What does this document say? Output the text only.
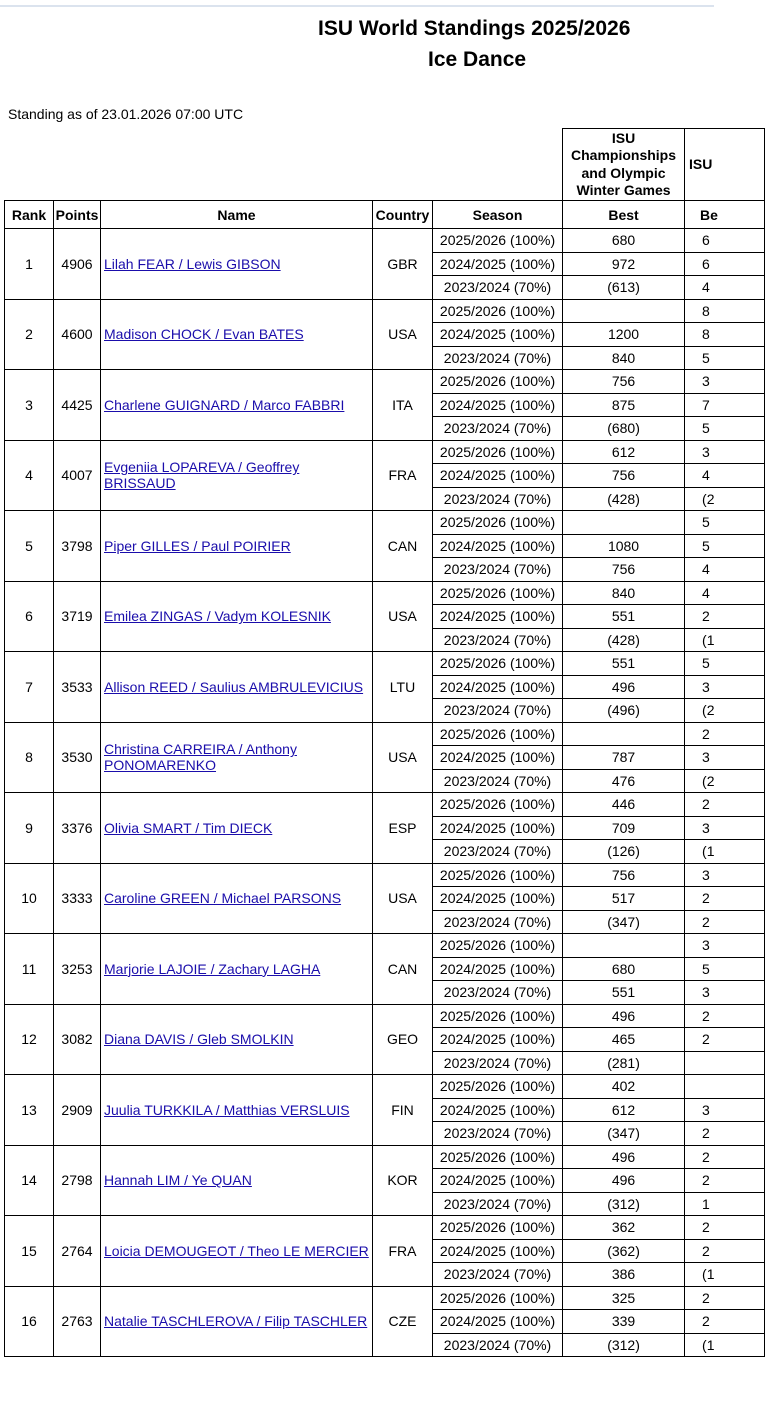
ISU World Standings 2025/2026
Ice Dance
Standing as of 23.01.2026 07:00 UTC
					ISU
Championships
and Olympic
Winter Games	ISU
Rank	Points	Name	Country	Season	Best	Be
1	4906	Lilah FEAR / Lewis GIBSON	GBR	2025/2026 (100%)	680	6
				2024/2025 (100%)	972	6
				2023/2024 (70%)	(613)	4
2	4600	Madison CHOCK / Evan BATES	USA	2025/2026 (100%)		8
				2024/2025 (100%)	1200	8
				2023/2024 (70%)	840	5
3	4425	Charlene GUIGNARD / Marco FABBRI	ITA	2025/2026 (100%)	756	3
				2024/2025 (100%)	875	7
				2023/2024 (70%)	(680)	5
4	4007	Evgeniia LOPAREVA / Geoffrey BRISSAUD	FRA	2025/2026 (100%)	612	3
				2024/2025 (100%)	756	4
				2023/2024 (70%)	(428)	(2
5	3798	Piper GILLES / Paul POIRIER	CAN	2025/2026 (100%)		5
				2024/2025 (100%)	1080	5
				2023/2024 (70%)	756	4
6	3719	Emilea ZINGAS / Vadym KOLESNIK	USA	2025/2026 (100%)	840	4
				2024/2025 (100%)	551	2
				2023/2024 (70%)	(428)	(1
7	3533	Allison REED / Saulius AMBRULEVICIUS	LTU	2025/2026 (100%)	551	5
				2024/2025 (100%)	496	3
				2023/2024 (70%)	(496)	(2
8	3530	Christina CARREIRA / Anthony PONOMARENKO	USA	2025/2026 (100%)		2
				2024/2025 (100%)	787	3
				2023/2024 (70%)	476	(2
9	3376	Olivia SMART / Tim DIECK	ESP	2025/2026 (100%)	446	2
				2024/2025 (100%)	709	3
				2023/2024 (70%)	(126)	(1
10	3333	Caroline GREEN / Michael PARSONS	USA	2025/2026 (100%)	756	3
				2024/2025 (100%)	517	2
				2023/2024 (70%)	(347)	2
11	3253	Marjorie LAJOIE / Zachary LAGHA	CAN	2025/2026 (100%)		3
				2024/2025 (100%)	680	5
				2023/2024 (70%)	551	3
12	3082	Diana DAVIS / Gleb SMOLKIN	GEO	2025/2026 (100%)	496	2
				2024/2025 (100%)	465	2
				2023/2024 (70%)	(281)	
13	2909	Juulia TURKKILA / Matthias VERSLUIS	FIN	2025/2026 (100%)	402	
				2024/2025 (100%)	612	3
				2023/2024 (70%)	(347)	2
14	2798	Hannah LIM / Ye QUAN	KOR	2025/2026 (100%)	496	2
				2024/2025 (100%)	496	2
				2023/2024 (70%)	(312)	1
15	2764	Loicia DEMOUGEOT / Theo LE MERCIER	FRA	2025/2026 (100%)	362	2
				2024/2025 (100%)	(362)	2
				2023/2024 (70%)	386	(1
16	2763	Natalie TASCHLEROVA / Filip TASCHLER	CZE	2025/2026 (100%)	325	2
				2024/2025 (100%)	339	2
				2023/2024 (70%)	(312)	(1
